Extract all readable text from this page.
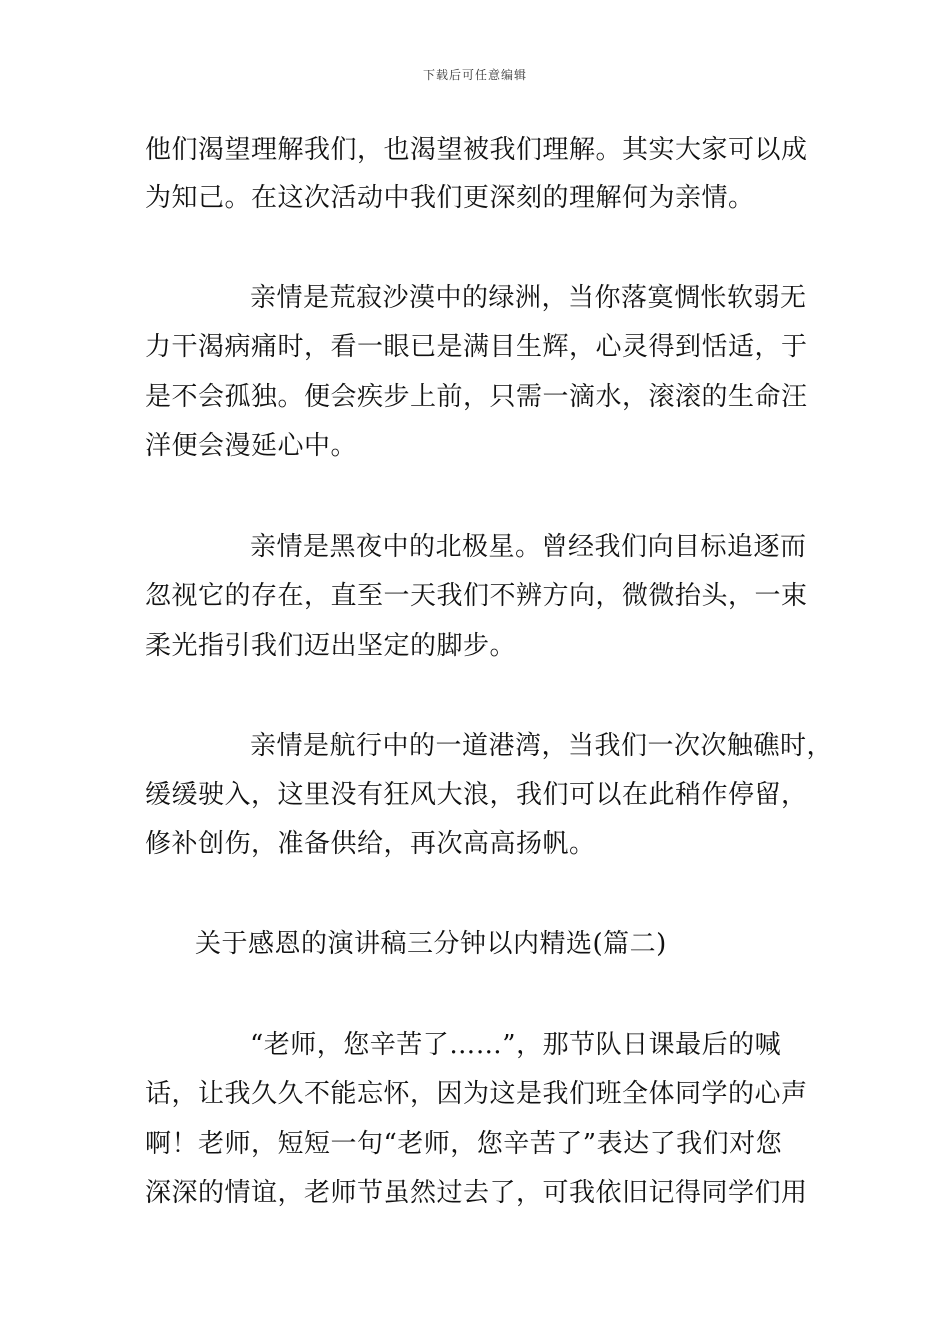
下载后可任意编辑
他们渴望理解我们，也渴望被我们理解。其实大家可以成
为知己。在这次活动中我们更深刻的理解何为亲情。
亲情是荒寂沙漠中的绿洲，当你落寞惆怅软弱无
力干渴病痛时，看一眼已是满目生辉，心灵得到恬适，于
是不会孤独。便会疾步上前，只需一滴水，滚滚的生命汪
洋便会漫延心中。
亲情是黑夜中的北极星。曾经我们向目标追逐而
忽视它的存在，直至一天我们不辨方向，微微抬头，一束
柔光指引我们迈出坚定的脚步。
亲情是航行中的一道港湾，当我们一次次触礁时，
缓缓驶入，这里没有狂风大浪，我们可以在此稍作停留，
修补创伤，准备供给，再次高高扬帆。
关于感恩的演讲稿三分钟以内精选(篇二)
“老师，您辛苦了……”，那节队日课最后的喊
话，让我久久不能忘怀，因为这是我们班全体同学的心声
啊！老师，短短一句“老师，您辛苦了”表达了我们对您
深深的情谊，老师节虽然过去了，可我依旧记得同学们用
